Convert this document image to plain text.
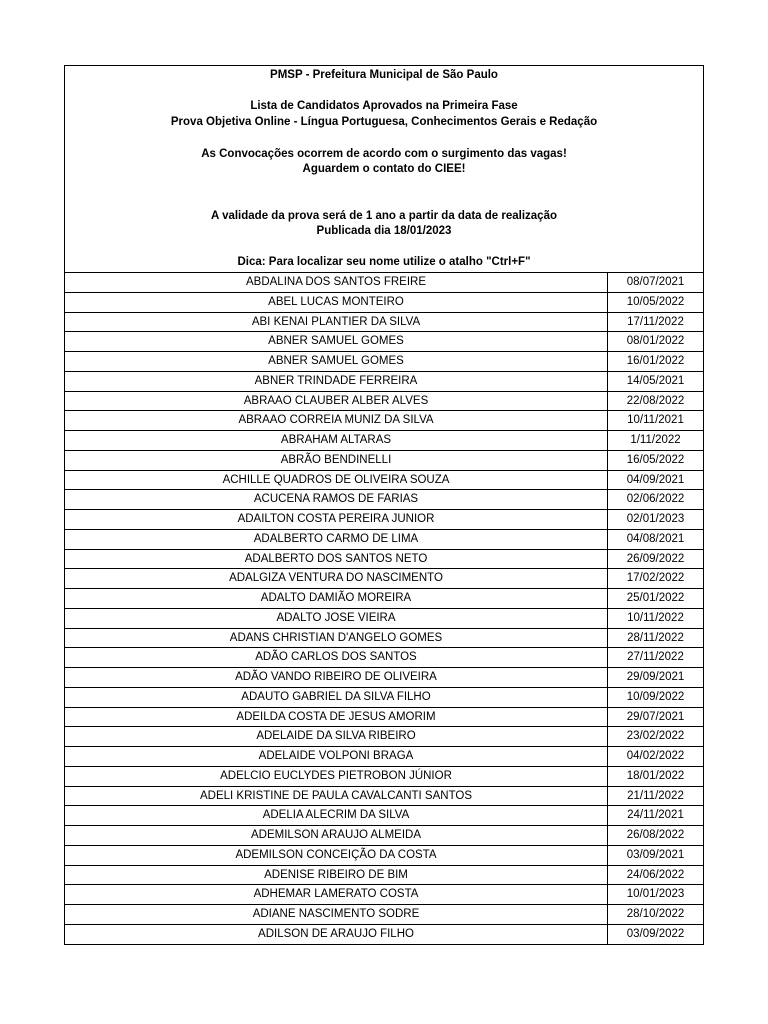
PMSP - Prefeitura Municipal de São Paulo
Lista de Candidatos Aprovados na Primeira Fase
Prova Objetiva Online - Língua Portuguesa, Conhecimentos Gerais e Redação
As Convocações ocorrem de acordo com o surgimento das vagas!
Aguardem o contato do CIEE!
A validade da prova será de 1 ano a partir da data de realização
Publicada dia 18/01/2023
Dica: Para localizar seu nome utilize o atalho "Ctrl+F"
ABDALINA DOS SANTOS FREIRE	08/07/2021
ABEL LUCAS MONTEIRO	10/05/2022
ABI KENAI PLANTIER DA SILVA	17/11/2022
ABNER SAMUEL GOMES	08/01/2022
ABNER SAMUEL GOMES	16/01/2022
ABNER TRINDADE FERREIRA	14/05/2021
ABRAAO CLAUBER ALBER ALVES	22/08/2022
ABRAAO CORREIA MUNIZ DA SILVA	10/11/2021
ABRAHAM ALTARAS	1/11/2022
ABRÃO BENDINELLI	16/05/2022
ACHILLE QUADROS DE OLIVEIRA SOUZA	04/09/2021
ACUCENA RAMOS DE FARIAS	02/06/2022
ADAILTON COSTA PEREIRA JUNIOR	02/01/2023
ADALBERTO CARMO DE LIMA	04/08/2021
ADALBERTO DOS SANTOS NETO	26/09/2022
ADALGIZA VENTURA DO NASCIMENTO	17/02/2022
ADALTO DAMIÃO MOREIRA	25/01/2022
ADALTO JOSE VIEIRA	10/11/2022
ADANS CHRISTIAN D'ANGELO GOMES	28/11/2022
ADÃO CARLOS DOS SANTOS	27/11/2022
ADÃO VANDO RIBEIRO DE OLIVEIRA	29/09/2021
ADAUTO GABRIEL DA SILVA FILHO	10/09/2022
ADEILDA COSTA DE JESUS AMORIM	29/07/2021
ADELAIDE DA SILVA RIBEIRO	23/02/2022
ADELAIDE VOLPONI BRAGA	04/02/2022
ADELCIO EUCLYDES PIETROBON JÚNIOR	18/01/2022
ADELI KRISTINE DE PAULA CAVALCANTI SANTOS	21/11/2022
ADELIA ALECRIM DA SILVA	24/11/2021
ADEMILSON ARAUJO ALMEIDA	26/08/2022
ADEMILSON CONCEIÇÃO DA COSTA	03/09/2021
ADENISE RIBEIRO DE BIM	24/06/2022
ADHEMAR LAMERATO COSTA	10/01/2023
ADIANE NASCIMENTO SODRE	28/10/2022
ADILSON DE ARAUJO FILHO	03/09/2022
